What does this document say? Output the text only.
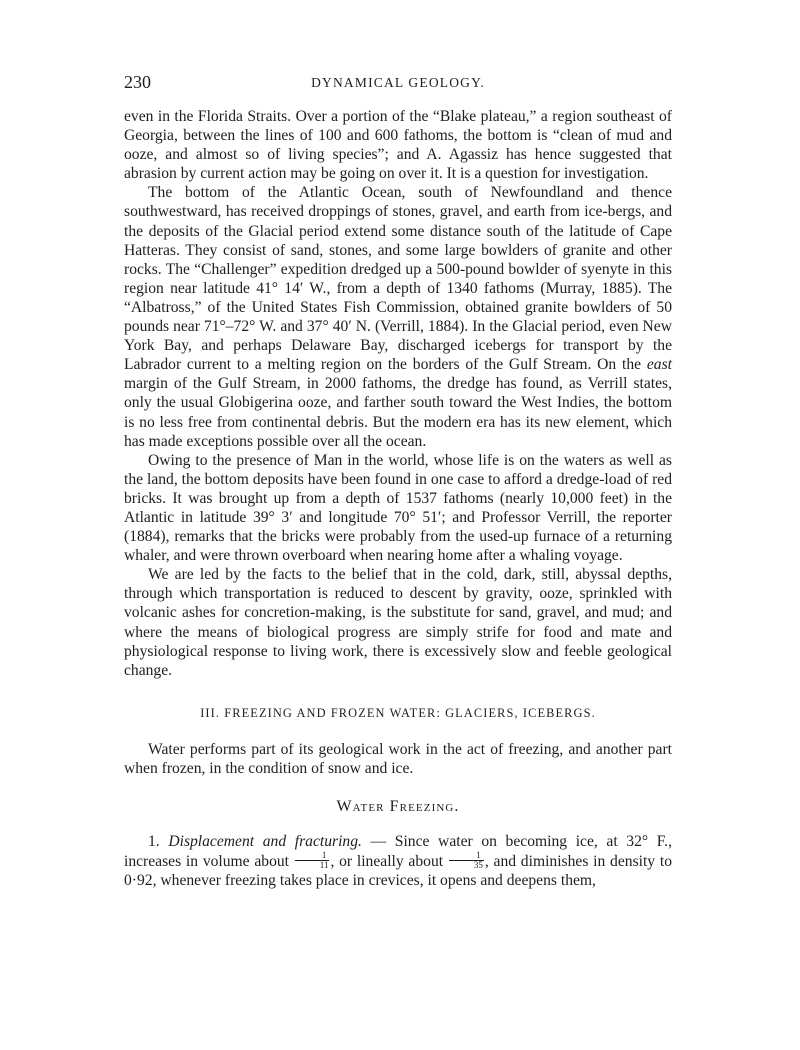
230	DYNAMICAL GEOLOGY.

even in the Florida Straits. Over a portion of the “Blake plateau,” a region southeast of Georgia, between the lines of 100 and 600 fathoms, the bottom is “clean of mud and ooze, and almost so of living species”; and A. Agassiz has hence suggested that abrasion by current action may be going on over it. It is a question for investigation.

The bottom of the Atlantic Ocean, south of Newfoundland and thence southwestward, has received droppings of stones, gravel, and earth from ice-bergs, and the deposits of the Glacial period extend some distance south of the latitude of Cape Hatteras. They consist of sand, stones, and some large bowlders of granite and other rocks. The “Challenger” expedition dredged up a 500-pound bowlder of syenyte in this region near latitude 41° 14′ W., from a depth of 1340 fathoms (Murray, 1885). The “Albatross,” of the United States Fish Commission, obtained granite bowlders of 50 pounds near 71°–72° W. and 37° 40′ N. (Verrill, 1884). In the Glacial period, even New York Bay, and perhaps Delaware Bay, discharged icebergs for transport by the Labrador current to a melting region on the borders of the Gulf Stream. On the east margin of the Gulf Stream, in 2000 fathoms, the dredge has found, as Verrill states, only the usual Globigerina ooze, and farther south toward the West Indies, the bottom is no less free from continental debris. But the modern era has its new element, which has made exceptions possible over all the ocean.

Owing to the presence of Man in the world, whose life is on the waters as well as the land, the bottom deposits have been found in one case to afford a dredge-load of red bricks. It was brought up from a depth of 1537 fathoms (nearly 10,000 feet) in the Atlantic in latitude 39° 3′ and longitude 70° 51′; and Professor Verrill, the reporter (1884), remarks that the bricks were probably from the used-up furnace of a returning whaler, and were thrown overboard when nearing home after a whaling voyage.

We are led by the facts to the belief that in the cold, dark, still, abyssal depths, through which transportation is reduced to descent by gravity, ooze, sprinkled with volcanic ashes for concretion-making, is the substitute for sand, gravel, and mud; and where the means of biological progress are simply strife for food and mate and physiological response to living work, there is excessively slow and feeble geological change.

III. FREEZING AND FROZEN WATER: GLACIERS, ICEBERGS.

Water performs part of its geological work in the act of freezing, and another part when frozen, in the condition of snow and ice.

Water Freezing.

1. Displacement and fracturing. — Since water on becoming ice, at 32° F., increases in volume about $\frac{1}{11}$ , or lineally about $\frac{1}{35}$ , and diminishes in density to 0·92, whenever freezing takes place in crevices, it opens and deepens them,
